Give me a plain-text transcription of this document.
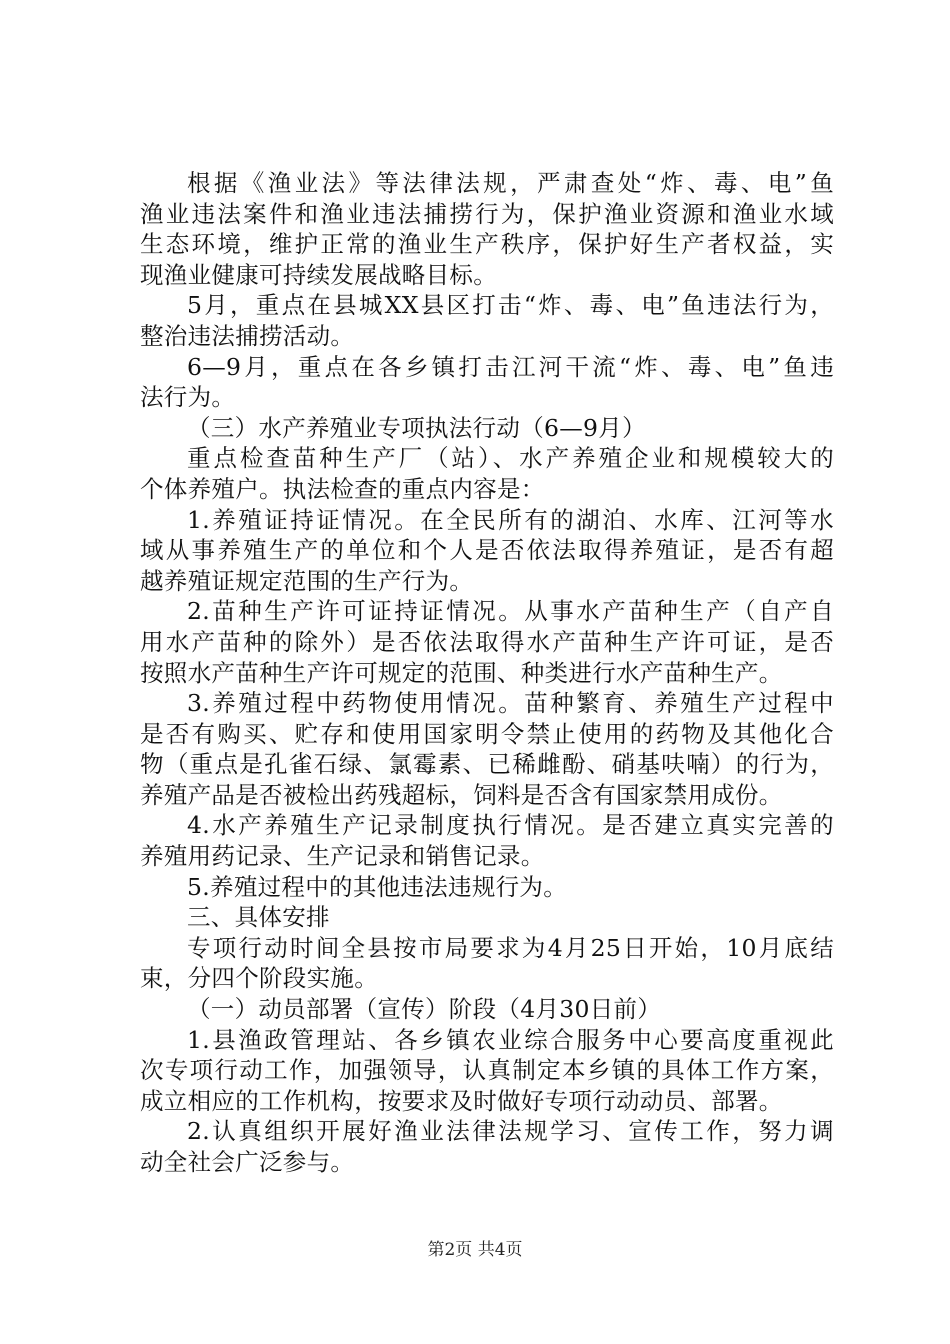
根据《渔业法》等法律法规，严肃查处“炸、毒、电”鱼
渔业违法案件和渔业违法捕捞行为，保护渔业资源和渔业水域
生态环境，维护正常的渔业生产秩序，保护好生产者权益，实
现渔业健康可持续发展战略目标。
5月，重点在县城XX县区打击“炸、毒、电”鱼违法行为，
整治违法捕捞活动。
6—9月，重点在各乡镇打击江河干流“炸、毒、电”鱼违
法行为。
（三）水产养殖业专项执法行动（6—9月）
重点检查苗种生产厂（站）、水产养殖企业和规模较大的
个体养殖户。执法检查的重点内容是：
1.养殖证持证情况。在全民所有的湖泊、水库、江河等水
域从事养殖生产的单位和个人是否依法取得养殖证，是否有超
越养殖证规定范围的生产行为。
2.苗种生产许可证持证情况。从事水产苗种生产（自产自
用水产苗种的除外）是否依法取得水产苗种生产许可证，是否
按照水产苗种生产许可规定的范围、种类进行水产苗种生产。
3.养殖过程中药物使用情况。苗种繁育、养殖生产过程中
是否有购买、贮存和使用国家明令禁止使用的药物及其他化合
物（重点是孔雀石绿、氯霉素、已稀雌酚、硝基呋喃）的行为，
养殖产品是否被检出药残超标，饲料是否含有国家禁用成份。
4.水产养殖生产记录制度执行情况。是否建立真实完善的
养殖用药记录、生产记录和销售记录。
5.养殖过程中的其他违法违规行为。
三、具体安排
专项行动时间全县按市局要求为4月25日开始，10月底结
束，分四个阶段实施。
（一）动员部署（宣传）阶段（4月30日前）
1.县渔政管理站、各乡镇农业综合服务中心要高度重视此
次专项行动工作，加强领导，认真制定本乡镇的具体工作方案，
成立相应的工作机构，按要求及时做好专项行动动员、部署。
2.认真组织开展好渔业法律法规学习、宣传工作，努力调
动全社会广泛参与。
第2页 共4页
